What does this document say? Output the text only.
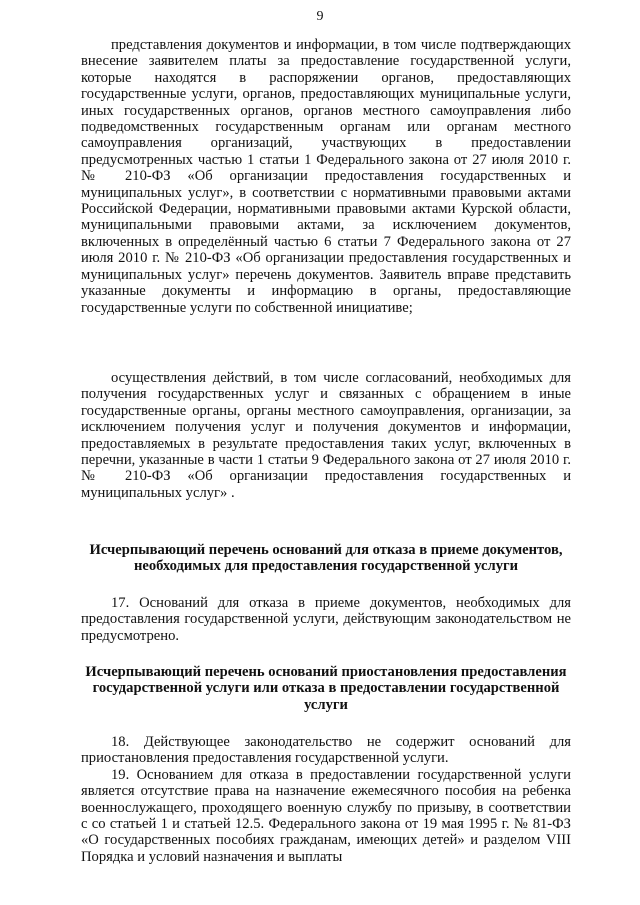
9

представления документов и информации, в том числе подтверждающих внесение заявителем платы за предоставление государственной услуги, которые находятся в распоряжении органов, предоставляющих государственные услуги, органов, предоставляющих муниципальные услуги, иных государственных органов, органов местного самоуправления либо подведомственных государственным органам или органам местного самоуправления организаций, участвующих в предоставлении предусмотренных частью 1 статьи 1 Федерального закона от 27 июля 2010 г. № 210-ФЗ «Об организации предоставления государственных и муниципальных услуг», в соответствии с нормативными правовыми актами Российской Федерации, нормативными правовыми актами Курской области, муниципальными правовыми актами, за исключением документов, включенных в определённый частью 6 статьи 7 Федерального закона от 27 июля 2010 г. № 210-ФЗ «Об организации предоставления государственных и муниципальных услуг» перечень документов. Заявитель вправе представить указанные документы и информацию в органы, предоставляющие государственные услуги по собственной инициативе;

осуществления действий, в том числе согласований, необходимых для получения государственных услуг и связанных с обращением в иные государственные органы, органы местного самоуправления, организации, за исключением получения услуг и получения документов и информации, предоставляемых в результате предоставления таких услуг, включенных в перечни, указанные в части 1 статьи 9 Федерального закона от 27 июля 2010 г. № 210-ФЗ «Об организации предоставления государственных и муниципальных услуг» .

Исчерпывающий перечень оснований для отказа в приеме документов, необходимых для предоставления государственной услуги

17. Оснований для отказа в приеме документов, необходимых для предоставления государственной услуги, действующим законодательством не предусмотрено.

Исчерпывающий перечень оснований приостановления предоставления государственной услуги или отказа в предоставлении государственной услуги

18. Действующее законодательство не содержит оснований для приостановления предоставления государственной услуги.

19. Основанием для отказа в предоставлении государственной услуги является отсутствие права на назначение ежемесячного пособия на ребенка военнослужащего, проходящего военную службу по призыву, в соответствии с со статьей 1 и статьей 12.5. Федерального закона от 19 мая 1995 г. № 81-ФЗ «О государственных пособиях гражданам, имеющих детей» и разделом VIII Порядка и условий назначения и выплаты
